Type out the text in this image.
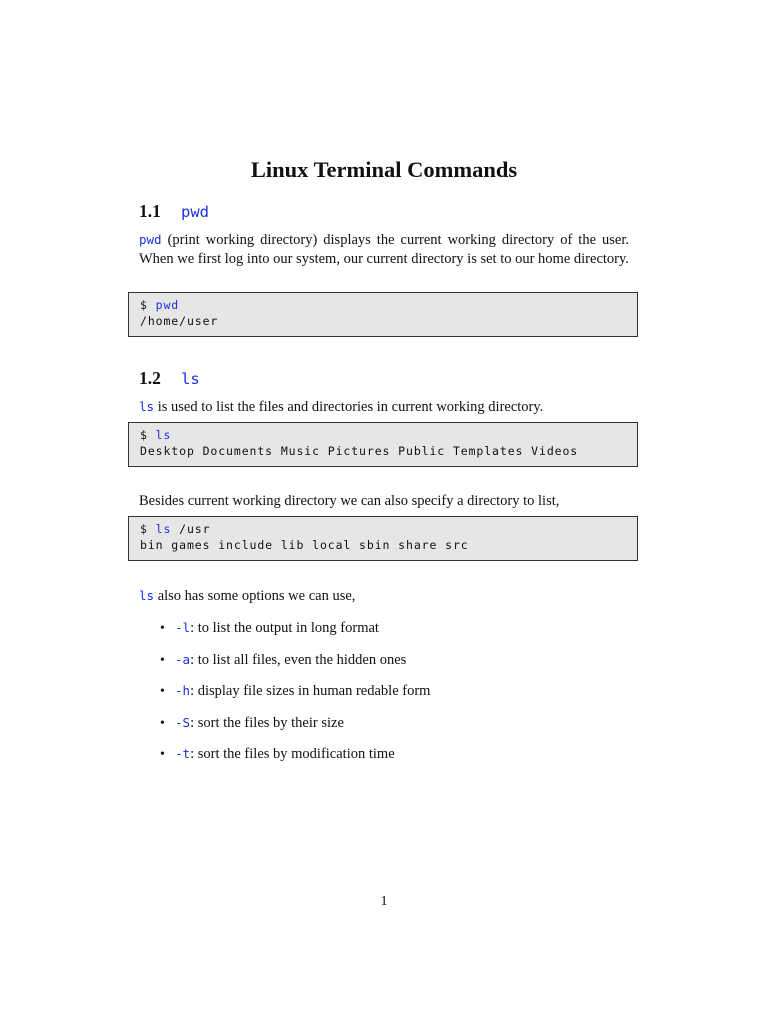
Linux Terminal Commands
1.1 pwd
pwd (print working directory) displays the current working directory of the user. When we first log into our system, our current directory is set to our home directory.
$ pwd
/home/user
1.2 ls
ls is used to list the files and directories in current working directory.
$ ls
Desktop Documents Music Pictures Public Templates Videos
Besides current working directory we can also specify a directory to list,
$ ls /usr
bin games include lib local sbin share src
ls also has some options we can use,
• -l: to list the output in long format
• -a: to list all files, even the hidden ones
• -h: display file sizes in human redable form
• -S: sort the files by their size
• -t: sort the files by modification time
1
